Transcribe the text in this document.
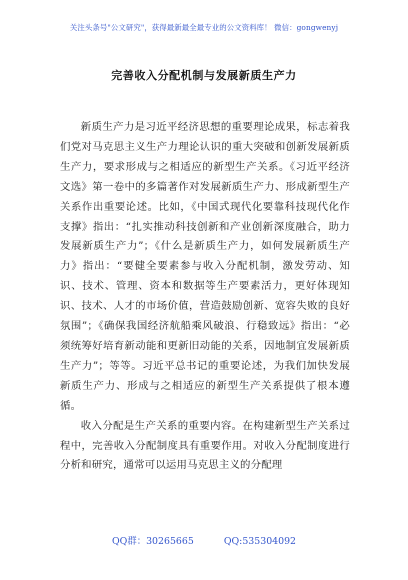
关注头条号"公文研究"，获得最新最全最专业的公文资料库！ 微信：gongwenyj
完善收入分配机制与发展新质生产力

新质生产力是习近平经济思想的重要理论成果，标志着我们党对马克思主义生产力理论认识的重大突破和创新发展新质生产力，要求形成与之相适应的新型生产关系。《习近平经济文选》第一卷中的多篇著作对发展新质生产力、形成新型生产关系作出重要论述。比如，《中国式现代化要靠科技现代化作支撑》指出：“扎实推动科技创新和产业创新深度融合，助力发展新质生产力”；《什么是新质生产力，如何发展新质生产力》指出：“要健全要素参与收入分配机制，激发劳动、知识、技术、管理、资本和数据等生产要素活力，更好体现知识、技术、人才的市场价值，营造鼓励创新、宽容失败的良好氛围”；《确保我国经济航船乘风破浪、行稳致远》指出：“必须统筹好培育新动能和更新旧动能的关系，因地制宜发展新质生产力”；等等。习近平总书记的重要论述，为我们加快发展新质生产力、形成与之相适应的新型生产关系提供了根本遵循。

收入分配是生产关系的重要内容。在构建新型生产关系过程中，完善收入分配制度具有重要作用。对收入分配制度进行分析和研究，通常可以运用马克思主义的分配理

QQ群：30265665	QQ:535304092
